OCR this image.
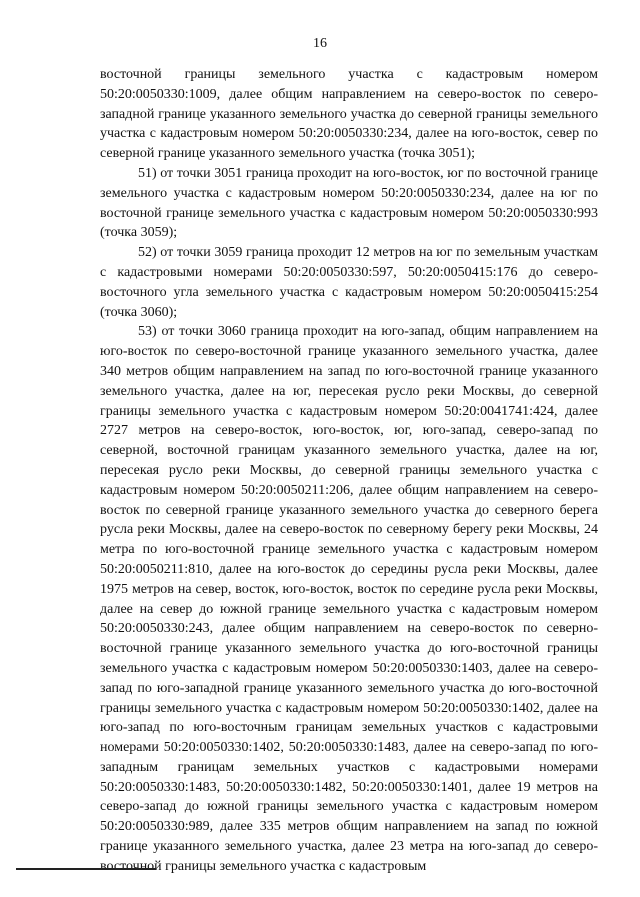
16

восточной границы земельного участка с кадастровым номером 50:20:0050330:1009, далее общим направлением на северо-восток по северо-западной границе указанного земельного участка до северной границы земельного участка с кадастровым номером 50:20:0050330:234, далее на юго-восток, север по северной границе указанного земельного участка (точка 3051);

51) от точки 3051 граница проходит на юго-восток, юг по восточной границе земельного участка с кадастровым номером 50:20:0050330:234, далее на юг по восточной границе земельного участка с кадастровым номером 50:20:0050330:993 (точка 3059);

52) от точки 3059 граница проходит 12 метров на юг по земельным участкам с кадастровыми номерами 50:20:0050330:597, 50:20:0050415:176 до северо-восточного угла земельного участка с кадастровым номером 50:20:0050415:254 (точка 3060);

53) от точки 3060 граница проходит на юго-запад, общим направлением на юго-восток по северо-восточной границе указанного земельного участка, далее 340 метров общим направлением на запад по юго-восточной границе указанного земельного участка, далее на юг, пересекая русло реки Москвы, до северной границы земельного участка с кадастровым номером 50:20:0041741:424, далее 2727 метров на северо-восток, юго-восток, юг, юго-запад, северо-запад по северной, восточной границам указанного земельного участка, далее на юг, пересекая русло реки Москвы, до северной границы земельного участка с кадастровым номером 50:20:0050211:206, далее общим направлением на северо-восток по северной границе указанного земельного участка до северного берега русла реки Москвы, далее на северо-восток по северному берегу реки Москвы, 24 метра по юго-восточной границе земельного участка с кадастровым номером 50:20:0050211:810, далее на юго-восток до середины русла реки Москвы, далее 1975 метров на север, восток, юго-восток, восток по середине русла реки Москвы, далее на север до южной границе земельного участка с кадастровым номером 50:20:0050330:243, далее общим направлением на северо-восток по северно-восточной границе указанного земельного участка до юго-восточной границы земельного участка с кадастровым номером 50:20:0050330:1403, далее на северо-запад по юго-западной границе указанного земельного участка до юго-восточной границы земельного участка с кадастровым номером 50:20:0050330:1402, далее на юго-запад по юго-восточным границам земельных участков с кадастровыми номерами 50:20:0050330:1402, 50:20:0050330:1483, далее на северо-запад по юго-западным границам земельных участков с кадастровыми номерами 50:20:0050330:1483, 50:20:0050330:1482, 50:20:0050330:1401, далее 19 метров на северо-запад до южной границы земельного участка с кадастровым номером 50:20:0050330:989, далее 335 метров общим направлением на запад по южной границе указанного земельного участка, далее 23 метра на юго-запад до северо-восточной границы земельного участка с кадастровым
